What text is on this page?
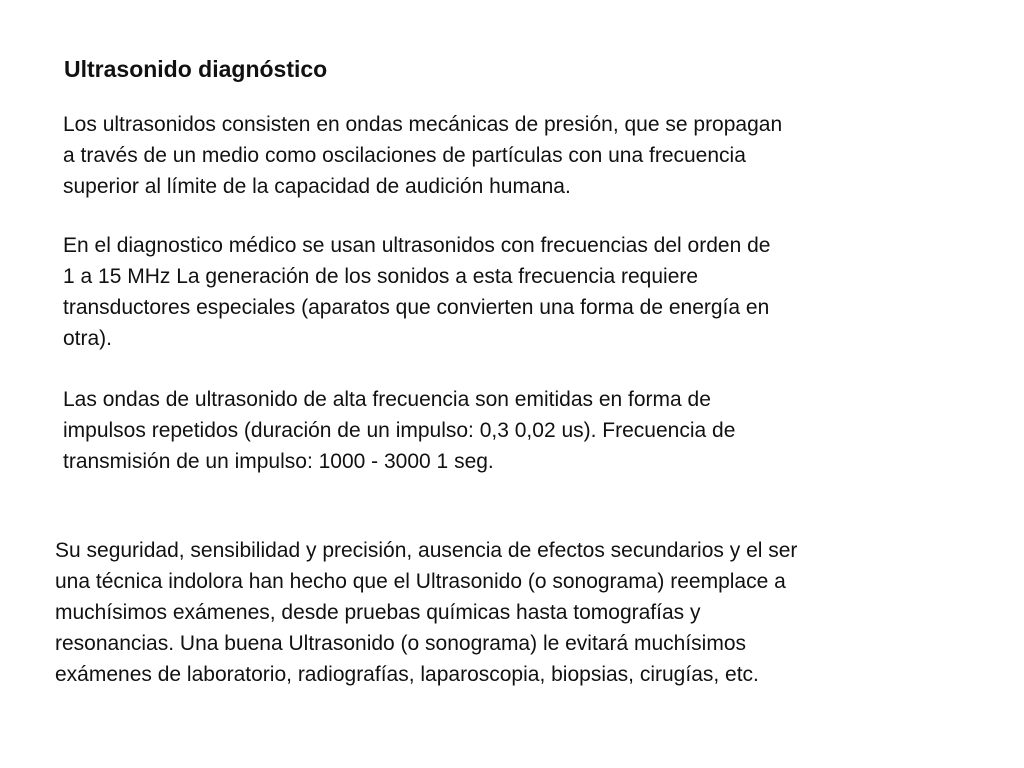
Ultrasonido diagnóstico

Los ultrasonidos consisten en ondas mecánicas de presión, que se propagan
a través de un medio como oscilaciones de partículas con una frecuencia
superior al límite de la capacidad de audición humana.

En el diagnostico médico se usan ultrasonidos con frecuencias del orden de
1 a 15 MHz La generación de los sonidos a esta frecuencia requiere
transductores especiales (aparatos que convierten una forma de energía en
otra).

Las ondas de ultrasonido de alta frecuencia son emitidas en forma de
impulsos repetidos (duración de un impulso: 0,3 0,02 us). Frecuencia de
transmisión de un impulso: 1000 - 3000 1 seg.

Su seguridad, sensibilidad y precisión, ausencia de efectos secundarios y el ser
una técnica indolora han hecho que el Ultrasonido (o sonograma) reemplace a
muchísimos exámenes, desde pruebas químicas hasta tomografías y
resonancias. Una buena Ultrasonido (o sonograma) le evitará muchísimos
exámenes de laboratorio, radiografías, laparoscopia, biopsias, cirugías, etc.
